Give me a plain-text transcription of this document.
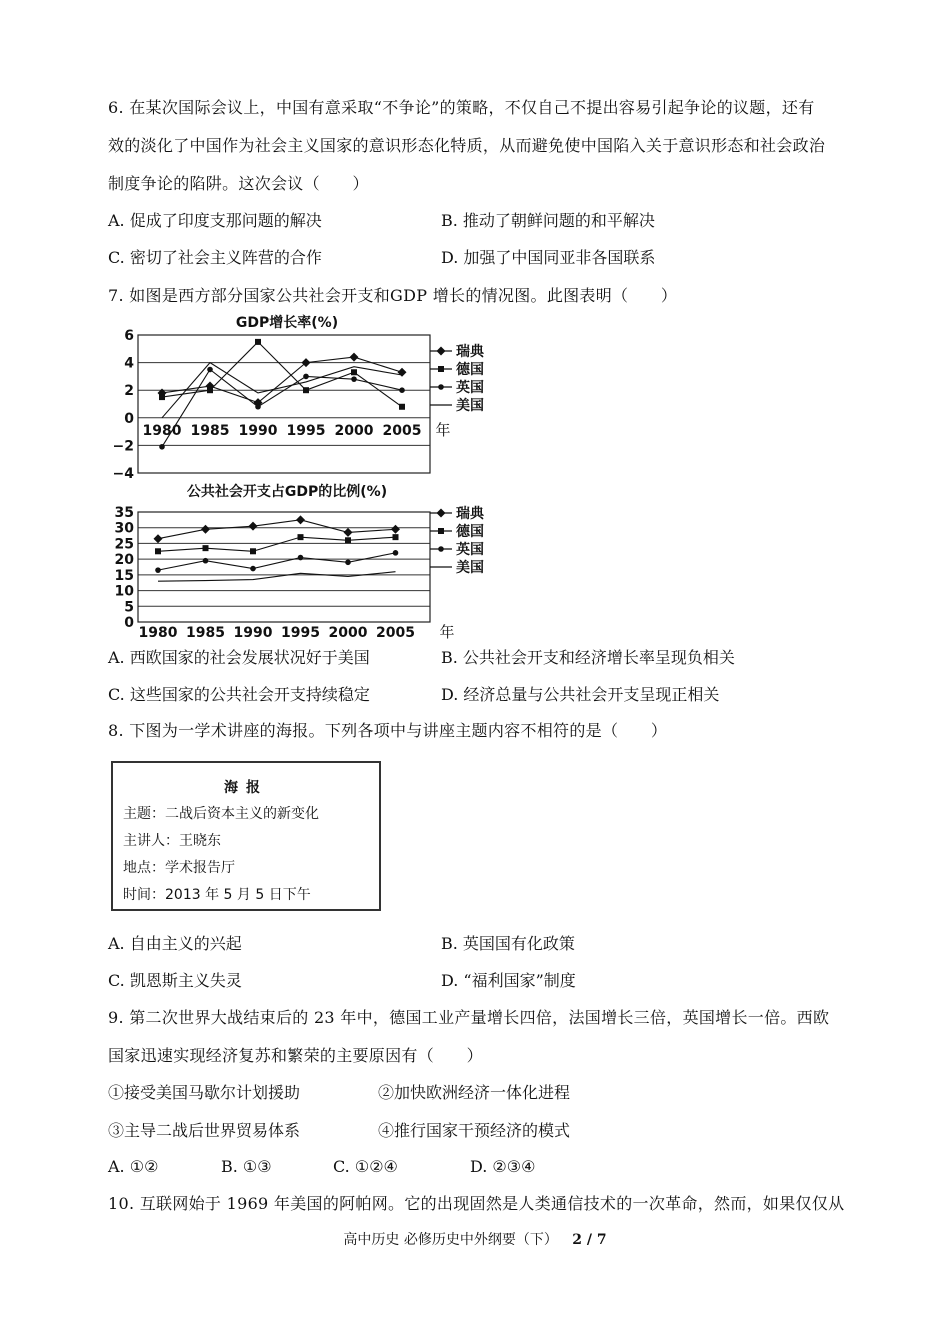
6. 在某次国际会议上，中国有意采取“不争论”的策略，不仅自己不提出容易引起争论的议题，还有
效的淡化了中国作为社会主义国家的意识形态化特质，从而避免使中国陷入关于意识形态和社会政治
制度争论的陷阱。这次会议（　　）
A. 促成了印度支那问题的解决	B. 推动了朝鲜问题的和平解决
C. 密切了社会主义阵营的合作	D. 加强了中国同亚非各国联系
7. 如图是西方部分国家公共社会开支和GDP 增长的情况图。此图表明（　　）
GDP增长率(%)
−4
−2
0
2
4
6
1980 1985 1990 1995 2000 2005 年
瑞典
德国
英国
美国
公共社会开支占GDP的比例(%)
0
5
10
15
20
25
30
35
1980 1985 1990 1995 2000 2005 年
瑞典
德国
英国
美国
A. 西欧国家的社会发展状况好于美国	B. 公共社会开支和经济增长率呈现负相关
C. 这些国家的公共社会开支持续稳定	D. 经济总量与公共社会开支呈现正相关
8. 下图为一学术讲座的海报。下列各项中与讲座主题内容不相符的是（　　）
海报
主题：二战后资本主义的新变化
主讲人：王晓东
地点：学术报告厅
时间：2013 年 5 月 5 日下午
A. 自由主义的兴起	B. 英国国有化政策
C. 凯恩斯主义失灵	D. “福利国家”制度
9. 第二次世界大战结束后的 23 年中，德国工业产量增长四倍，法国增长三倍，英国增长一倍。西欧
国家迅速实现经济复苏和繁荣的主要原因有（　　）
①接受美国马歇尔计划援助	②加快欧洲经济一体化进程
③主导二战后世界贸易体系	④推行国家干预经济的模式
A. ①②	B. ①③	C. ①②④	D. ②③④
10. 互联网始于 1969 年美国的阿帕网。它的出现固然是人类通信技术的一次革命，然而，如果仅仅从
高中历史 必修历史中外纲要（下） 2 / 7
